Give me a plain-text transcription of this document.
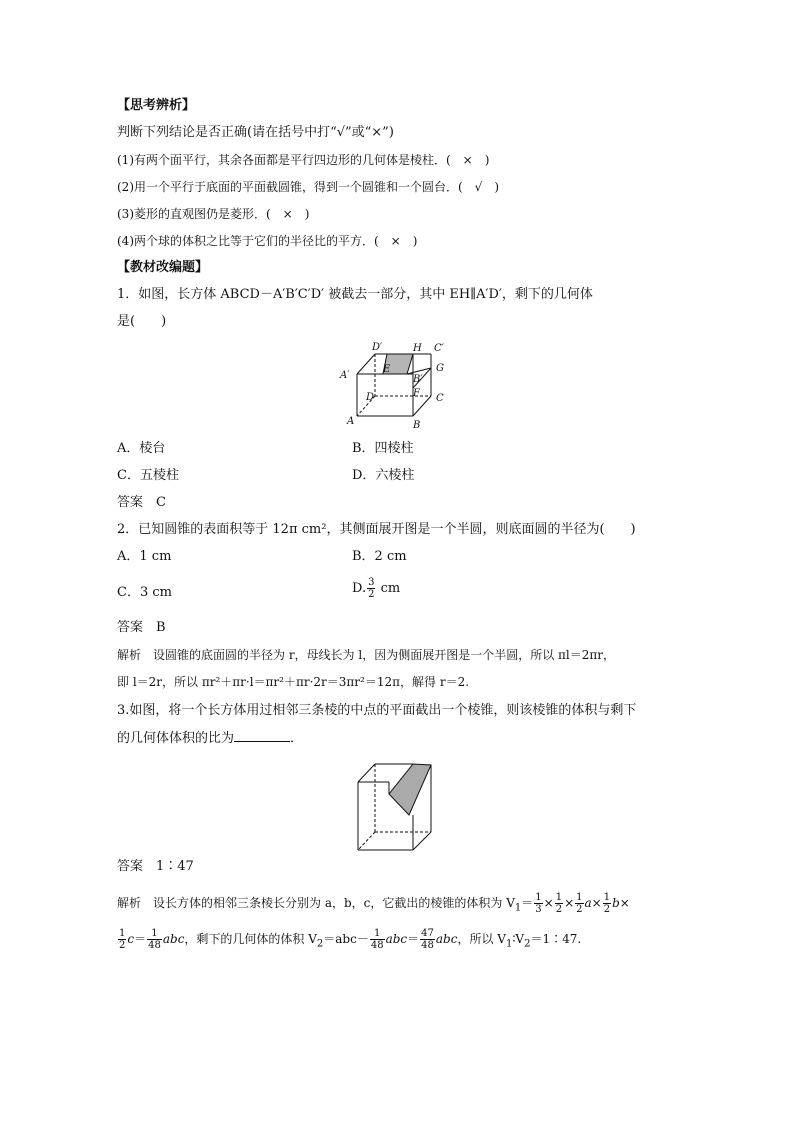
【思考辨析】
判断下列结论是否正确(请在括号中打“√”或“×”)
(1)有两个面平行，其余各面都是平行四边形的几何体是棱柱．(　×　)
(2)用一个平行于底面的平面截圆锥，得到一个圆锥和一个圆台．(　√　)
(3)菱形的直观图仍是菱形．(　×　)
(4)两个球的体积之比等于它们的半径比的平方．(　×　)
【教材改编题】
1．如图，长方体 ABCD－A′B′C′D′ 被截去一部分，其中 EH∥A′D′，剩下的几何体
是(　　)
D′	H C′
A′
E
B′
G
D	F C
A	B
A．棱台	B．四棱柱
C．五棱柱	D．六棱柱
答案　C
2．已知圆锥的表面积等于 12π cm²，其侧面展开图是一个半圆，则底面圆的半径为(　　)
A．1 cm	B．2 cm
C．3 cm	D. $\frac{3}{2}$ cm
答案　B
解析　设圆锥的底面圆的半径为 r，母线长为 l，因为侧面展开图是一个半圆，所以 πl＝2πr，
即 l＝2r，所以 πr²＋πr·l＝πr²＋πr·2r＝3πr²＝12π，解得 r＝2.
3.如图，将一个长方体用过相邻三条棱的中点的平面截出一个棱锥，则该棱锥的体积与剩下
的几何体体积的比为	．
答案　1∶47
解析　设长方体的相邻三条棱长分别为 a，b，c，它截出的棱锥的体积为 $V_1= \frac{1}{3} \times \frac{1}{2} \times \frac{1}{2} a\times \frac{1}{2} b\times$
$\frac{1}{2} c= \frac{1}{48}$ abc，剩下的几何体的体积 $V_2=abc- \frac{1}{48} abc= \frac{47}{48}$ abc，所以 $V_1∶V_2=1∶47$.
